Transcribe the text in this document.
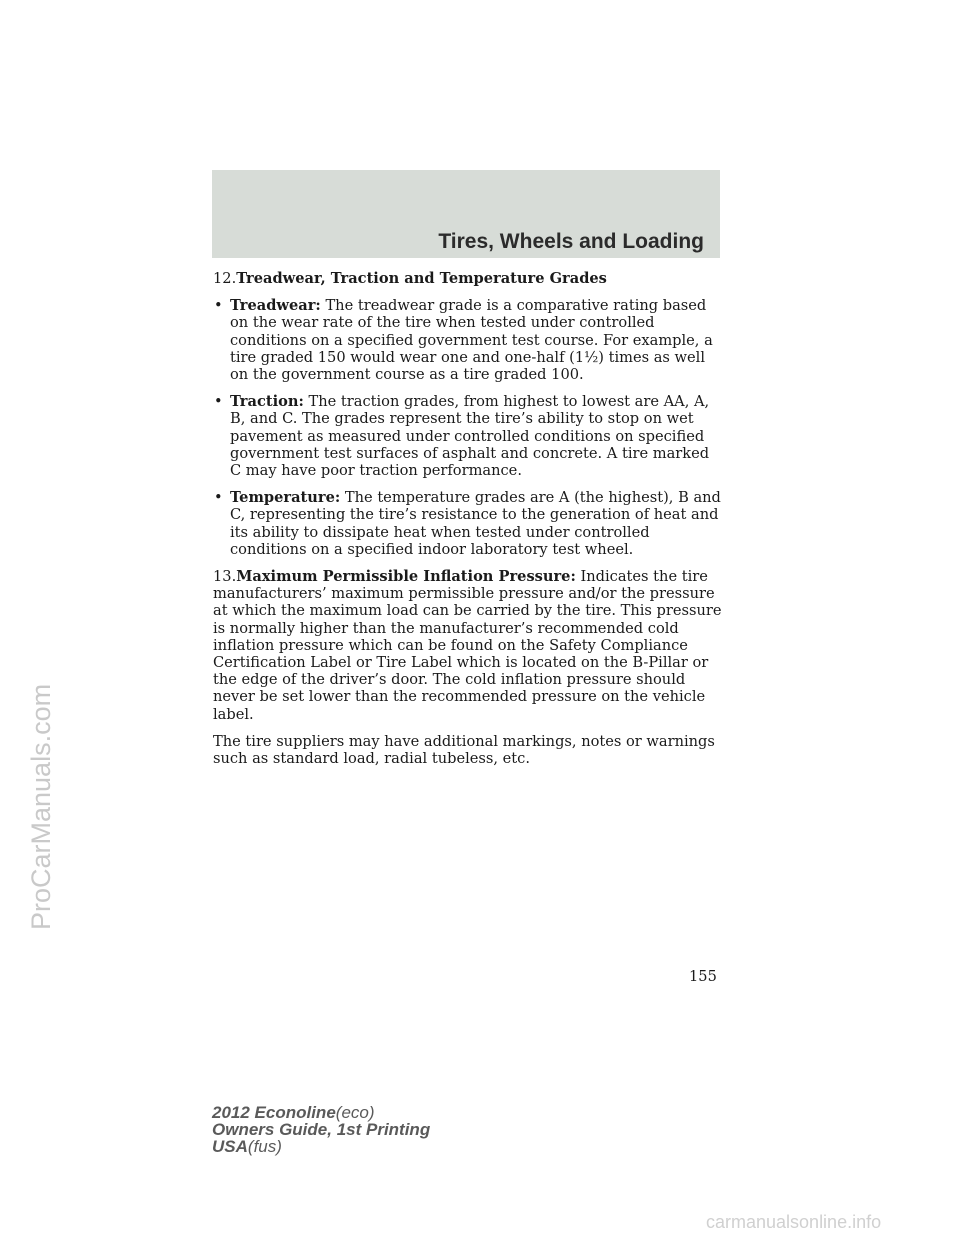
Tires, Wheels and Loading
ProCarManuals.com

12.Treadwear, Traction and Temperature Grades

• Treadwear: The treadwear grade is a comparative rating based on the wear rate of the tire when tested under controlled conditions on a specified government test course. For example, a tire graded 150 would wear one and one-half (1½) times as well on the government course as a tire graded 100.
• Traction: The traction grades, from highest to lowest are AA, A, B, and C. The grades represent the tire’s ability to stop on wet pavement as measured under controlled conditions on specified government test surfaces of asphalt and concrete. A tire marked C may have poor traction performance.
• Temperature: The temperature grades are A (the highest), B and C, representing the tire’s resistance to the generation of heat and its ability to dissipate heat when tested under controlled conditions on a specified indoor laboratory test wheel.

13.Maximum Permissible Inflation Pressure: Indicates the tire manufacturers’ maximum permissible pressure and/or the pressure at which the maximum load can be carried by the tire. This pressure is normally higher than the manufacturer’s recommended cold inflation pressure which can be found on the Safety Compliance Certification Label or Tire Label which is located on the B-Pillar or the edge of the driver’s door. The cold inflation pressure should never be set lower than the recommended pressure on the vehicle label.

The tire suppliers may have additional markings, notes or warnings such as standard load, radial tubeless, etc.

155
2012 Econoline(eco)
Owners Guide, 1st Printing
USA(fus)
carmanualsonline.info
